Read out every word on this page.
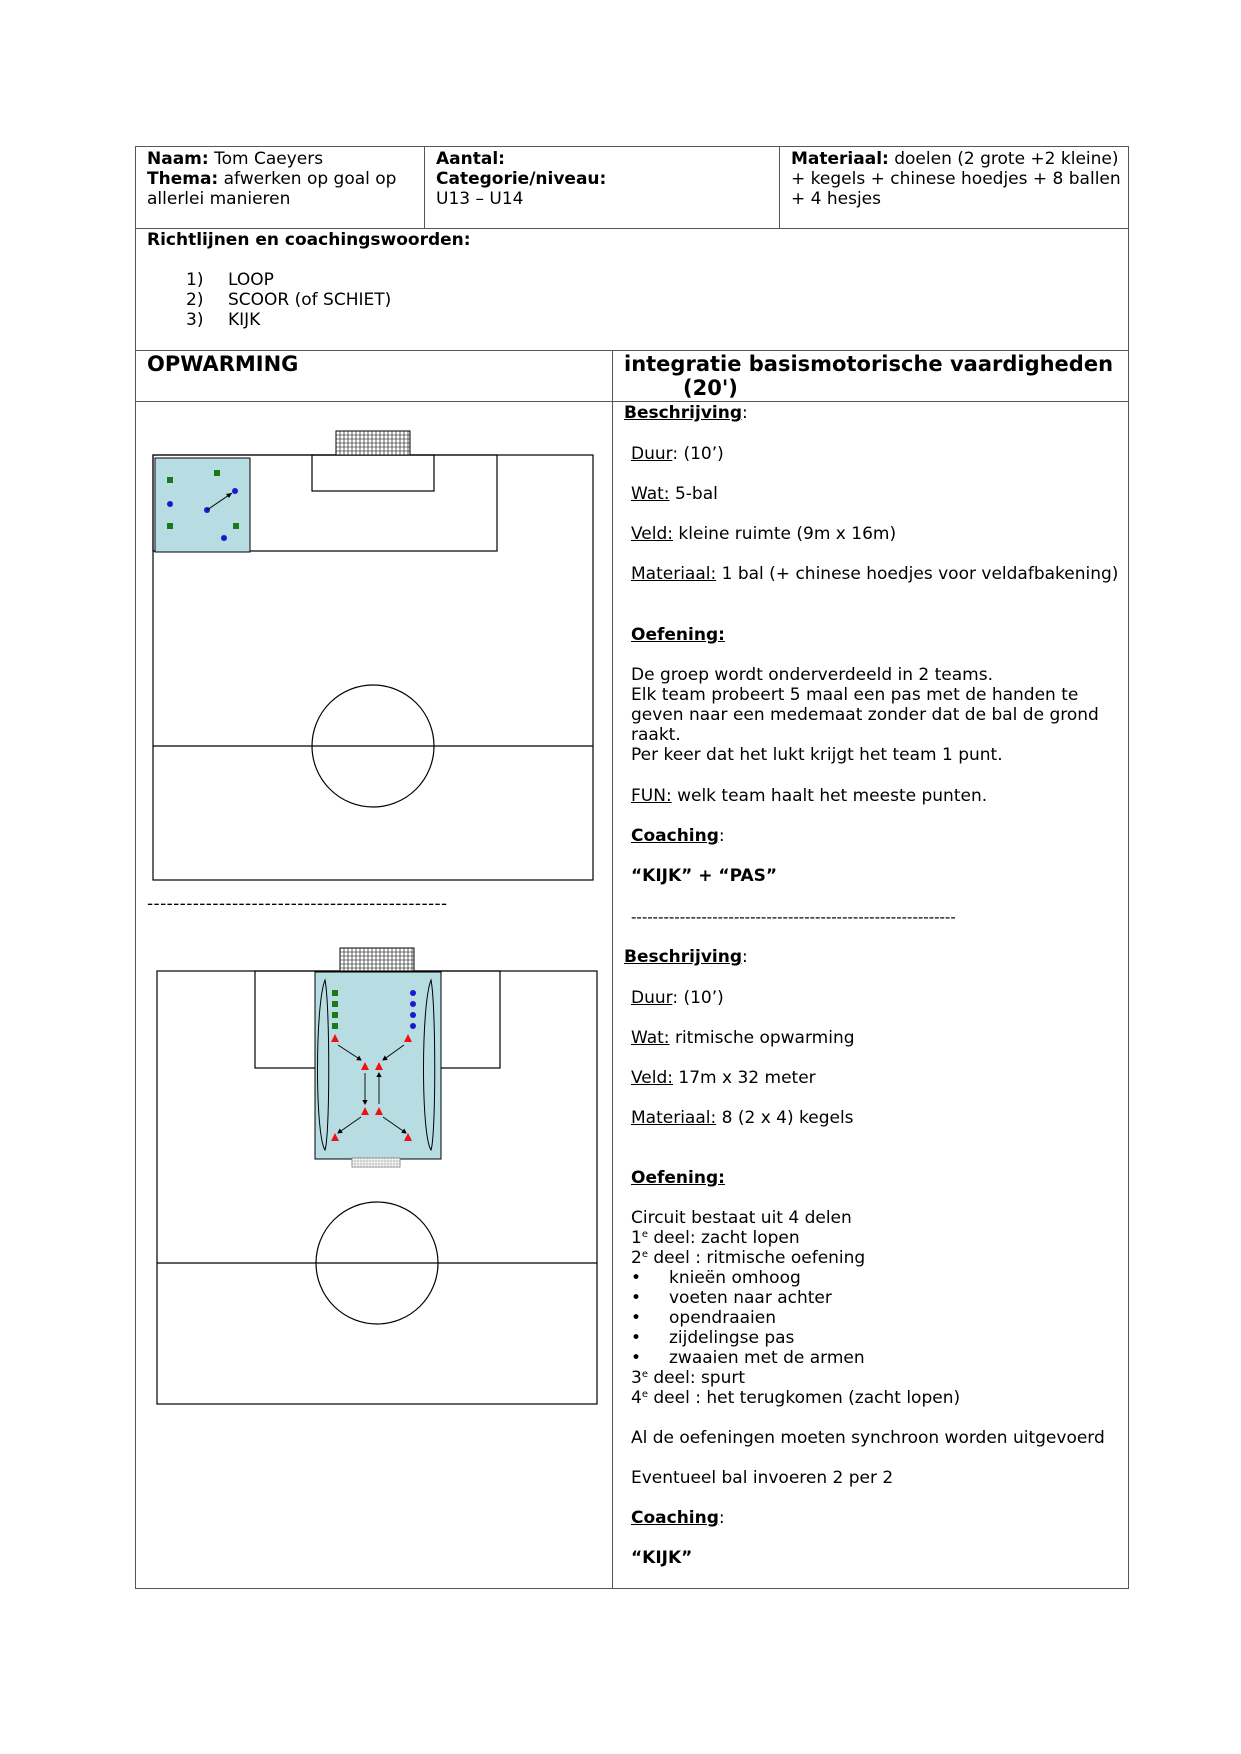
Naam: Tom Caeyers
Thema: afwerken op goal op
allerlei manieren
Aantal:
Categorie/niveau:
U13 – U14
Materiaal: doelen (2 grote +2 kleine)
+ kegels + chinese hoedjes + 8 ballen
+ 4 hesjes
Richtlijnen en coachingswoorden:
1)	LOOP
2)	SCOOR (of SCHIET)
3)	KIJK
OPWARMING	integratie basismotorische vaardigheden
(20')
----------------------------------------------
Beschrijving:
Duur: (10’)
Wat: 5-bal
Veld: kleine ruimte (9m x 16m)
Materiaal: 1 bal (+ chinese hoedjes voor veldafbakening)
Oefening:
De groep wordt onderverdeeld in 2 teams.
Elk team probeert 5 maal een pas met de handen te
geven naar een medemaat zonder dat de bal de grond
raakt.
Per keer dat het lukt krijgt het team 1 punt.
FUN: welk team haalt het meeste punten.
Coaching:
“KIJK” + “PAS”
------------------------------------------------------------
Beschrijving:
Duur: (10’)
Wat: ritmische opwarming
Veld: 17m x 32 meter
Materiaal: 8 (2 x 4) kegels
Oefening:
Circuit bestaat uit 4 delen
1e deel: zacht lopen
2e deel : ritmische oefening
• knieën omhoog
• voeten naar achter
• opendraaien
• zijdelingse pas
• zwaaien met de armen
3e deel: spurt
4e deel : het terugkomen (zacht lopen)
Al de oefeningen moeten synchroon worden uitgevoerd
Eventueel bal invoeren 2 per 2
Coaching:
“KIJK”
